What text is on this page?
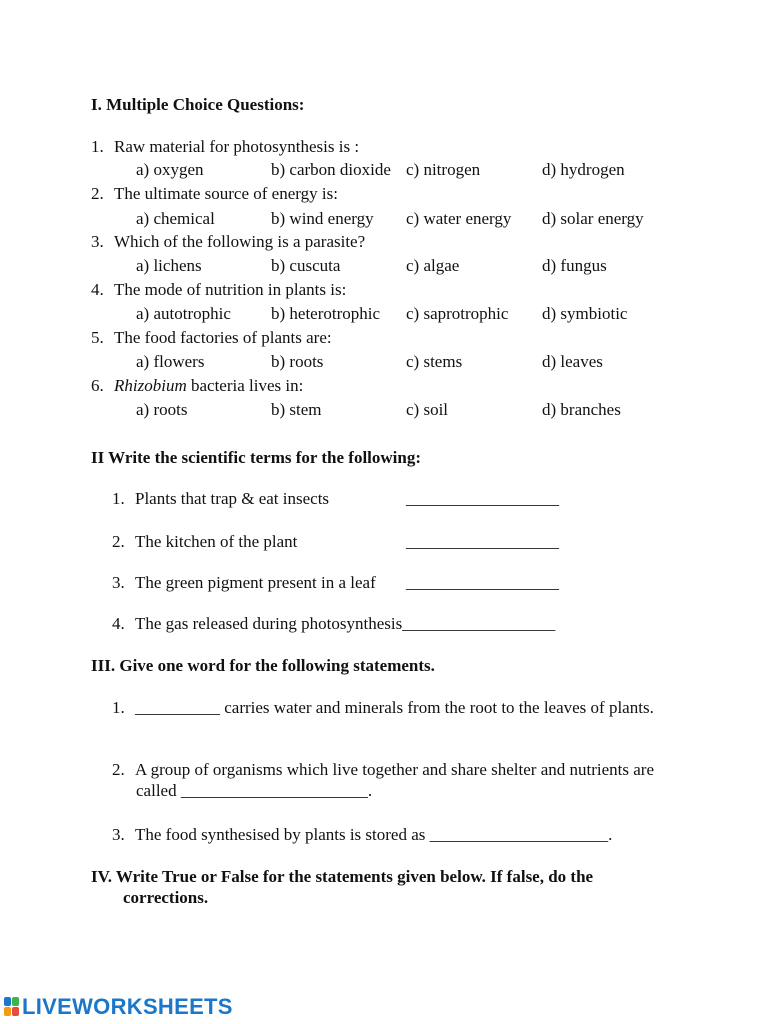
I. Multiple Choice Questions:
1. Raw material for photosynthesis is :
a) oxygen	b) carbon dioxide c) nitrogen	d) hydrogen
2. The ultimate source of energy is:
a) chemical	b) wind energy c) water energy d) solar energy
3. Which of the following is a parasite?
a) lichens	b) cuscuta	c) algae	d) fungus
4. The mode of nutrition in plants is:
a) autotrophic b) heterotrophic c) saprotrophic d) symbiotic
5. The food factories of plants are:
a) flowers	b) roots	c) stems	d) leaves
6. Rhizobium bacteria lives in:
a) roots	b) stem	c) soil	d) branches
II Write the scientific terms for the following:
1. Plants that trap & eat insects	__________________
2. The kitchen of the plant	__________________
3. The green pigment present in a leaf __________________
4. The gas released during photosynthesis__________________
III. Give one word for the following statements.
1. __________ carries water and minerals from the root to the leaves of plants.
2. A group of organisms which live together and share shelter and nutrients are
called ______________________.
3. The food synthesised by plants is stored as _____________________.
IV. Write True or False for the statements given below. If false, do the
corrections.
LIVEWORKSHEETS
